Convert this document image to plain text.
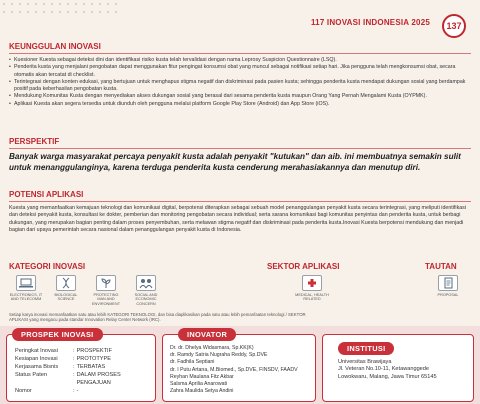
117 INOVASI INDONESIA 2025	137
KEUNGGULAN INOVASI
• Kuesioner Kuesta sebagai deteksi dini dan identifikasi risiko kusta telah tervalidasi dengan nama Leprosy Suspicion Questionnaire (LSQ).
• Penderita kusta yang menjalani pengobatan dapat menggunakan fitur pengingat konsumsi obat yang muncul sebagai notifikasi setiap hari. Jika pengguna telah mengkonsumsi obat, secara otomatis akan tercatat di checklist.
• Terintegrasi dengan konten edukasi, yang bertujuan untuk menghapus stigma negatif dan diskriminasi pada pasien kusta; sehingga penderita kusta mendapat dukungan sosial yang berdampak positif pada keberhasilan pengobatan kusta.
• Mendukung Komunitas Kusta dengan menyediakan akses dukungan sosial yang berasal dari sesama penderita kusta maupun Orang Yang Pernah Mengalami Kusta (OYPMK).
• Aplikasi Kuesta akan segera tersedia untuk diunduh oleh pengguna melalui platform Google Play Store (Android) dan App Store (iOS).
PERSPEKTIF
Banyak warga masyarakat percaya penyakit kusta adalah penyakit "kutukan" dan aib. ini membuatnya semakin sulit untuk menanggulanginya, karena terduga penderita kusta cenderung merahasiakannya dan menutup diri.
POTENSI APLIKASI
Kuesta yang memanfaatkan kemajuan teknologi dan komunikasi digital, berpotensi diterapkan sebagai sebuah model penanggulangan penyakit kusta secara terintegrasi, yang meliputi identifikasi dan deteksi penyakit kusta, konsultasi ke dokter, pemberian dan monitoring pengobatan secara individual; serta sarana komunikasi bagi komunitas penyintas dan penderita kusta, untuk berbagi dukungan, yang merupakan bagian penting dalam proses penyembuhan, serta melawan stigma negatif dan diskriminasi pada penderita kusta.Inovasi Kuesta berpotensi mendukung dan menjadi bagian dari upaya pemerintah secara nasional dalam penanggulangan penyakit kusta di Indonesia.
KATEGORI INOVASI
ELECTRONICS, IT AND TELECOMM
BIOLOGICAL SCIENCE
PROTECTING MAN AND ENVIRONMENT
SOCIAL AND ECONOMIC CONCERN
SEKTOR APLIKASI
MEDICAL, HEALTH RELATED
TAUTAN
PROPOSAL
Setiap karya inovasi memanfaatkan satu atau lebih KATEGORI TEKNOLOGI, dan bisa diaplikasikan pada satu atau lebih pemanfaatan teknologi / SEKTOR APLIKASI yang mengacu pada standar Innovation Relay Center Network (IRC).
PROSPEK INOVASI
Peringkat Inovasi	:	PROSPEKTIF
Kesiapan Inovasi	:	PROTOTYPE
Kerjasama Bisnis	:	TERBATAS
Status Paten	:	DALAM PROSES PENGAJUAN
Nomor	:	-
INOVATOR
Dr. dr. Dhelya Widasmara, Sp.KK(K)
dr. Ramdy Satria Nugraha Reddy, Sp.DVE
dr. Fadhila Septiani
dr. I Putu Artana, M.Biomed., Sp.DVE, FINSDV, FAADV
Reyhan Maulana Fitz Akbar
Salsma Aprilia Anarowati
Zahra Maulida Setya Andini
INSTITUSI
Universitas Brawijaya
Jl. Veteran No.10-11, Ketawanggede
Lowokwaru, Malang, Jawa Timur 65145
